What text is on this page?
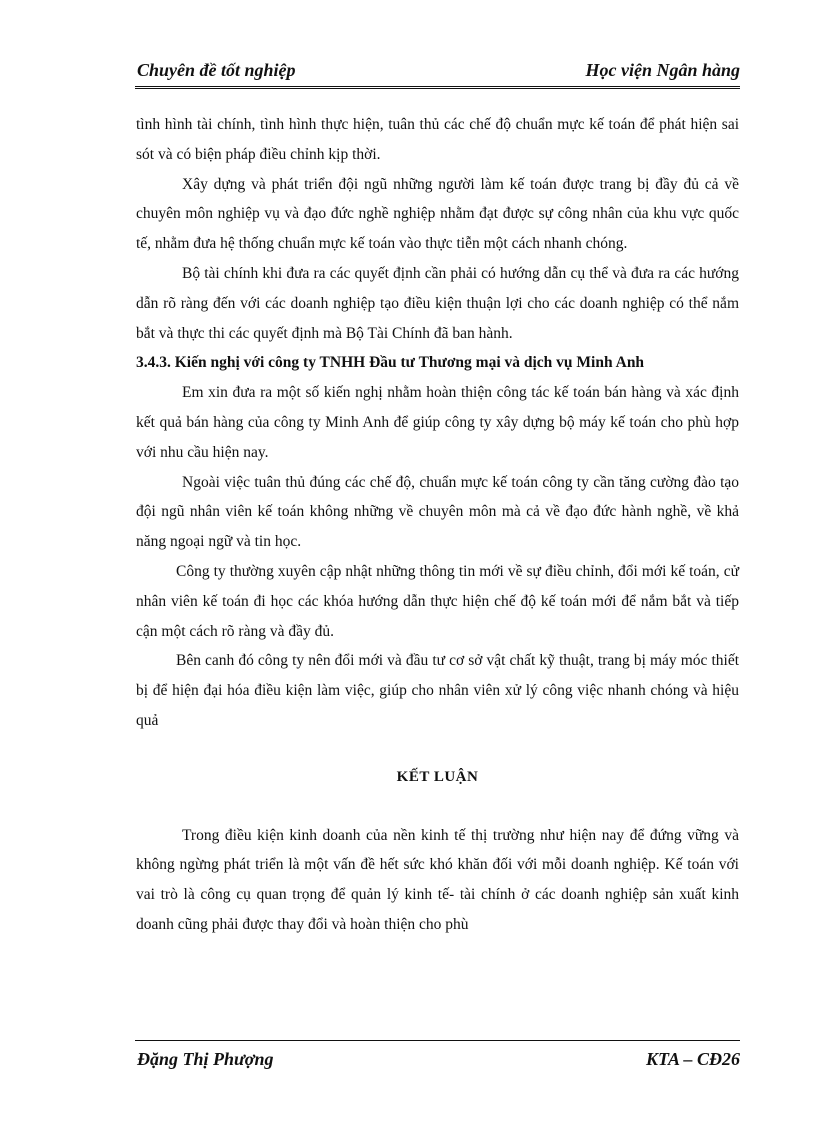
Chuyên đề tốt nghiệp	Học viện Ngân hàng

tình hình tài chính, tình hình thực hiện, tuân thủ các chế độ chuẩn mực kế toán để phát hiện sai sót và có biện pháp điều chỉnh kịp thời.

Xây dựng và phát triển đội ngũ những người làm kế toán được trang bị đầy đủ cả về chuyên môn nghiệp vụ và đạo đức nghề nghiệp nhằm đạt được sự công nhân của khu vực quốc tế, nhằm đưa hệ thống chuẩn mực kế toán vào thực tiễn một cách nhanh chóng.

Bộ tài chính khi đưa ra các quyết định cần phải có hướng dẫn cụ thể và đưa ra các hướng dẫn rõ ràng đến với các doanh nghiệp tạo điều kiện thuận lợi cho các doanh nghiệp có thể nắm bắt và thực thi các quyết định mà Bộ Tài Chính đã ban hành.

3.4.3. Kiến nghị với công ty TNHH Đầu tư Thương mại và dịch vụ Minh Anh

Em xin đưa ra một số kiến nghị nhằm hoàn thiện công tác kế toán bán hàng và xác định kết quả bán hàng của công ty Minh Anh để giúp công ty xây dựng bộ máy kế toán cho phù hợp với nhu cầu hiện nay.

Ngoài việc tuân thủ đúng các chế độ, chuẩn mực kế toán công ty cần tăng cường đào tạo đội ngũ nhân viên kế toán không những về chuyên môn mà cả về đạo đức hành nghề, về khả năng ngoại ngữ và tin học.

Công ty thường xuyên cập nhật những thông tin mới về sự điều chỉnh, đổi mới kế toán, cử nhân viên kế toán đi học các khóa hướng dẫn thực hiện chế độ kế toán mới để nắm bắt và tiếp cận một cách rõ ràng và đầy đủ.

Bên canh đó công ty nên đổi mới và đầu tư cơ sở vật chất kỹ thuật, trang bị máy móc thiết bị để hiện đại hóa điều kiện làm việc, giúp cho nhân viên xử lý công việc nhanh chóng và hiệu quả

KẾT LUẬN

Trong điều kiện kinh doanh của nền kinh tế thị trường như hiện nay để đứng vững và không ngừng phát triển là một vấn đề hết sức khó khăn đối với mỗi doanh nghiệp. Kế toán với vai trò là công cụ quan trọng để quản lý kinh tế- tài chính ở các doanh nghiệp sản xuất kinh doanh cũng phải được thay đổi và hoàn thiện cho phù

Đặng Thị Phượng	KTA – CĐ26
